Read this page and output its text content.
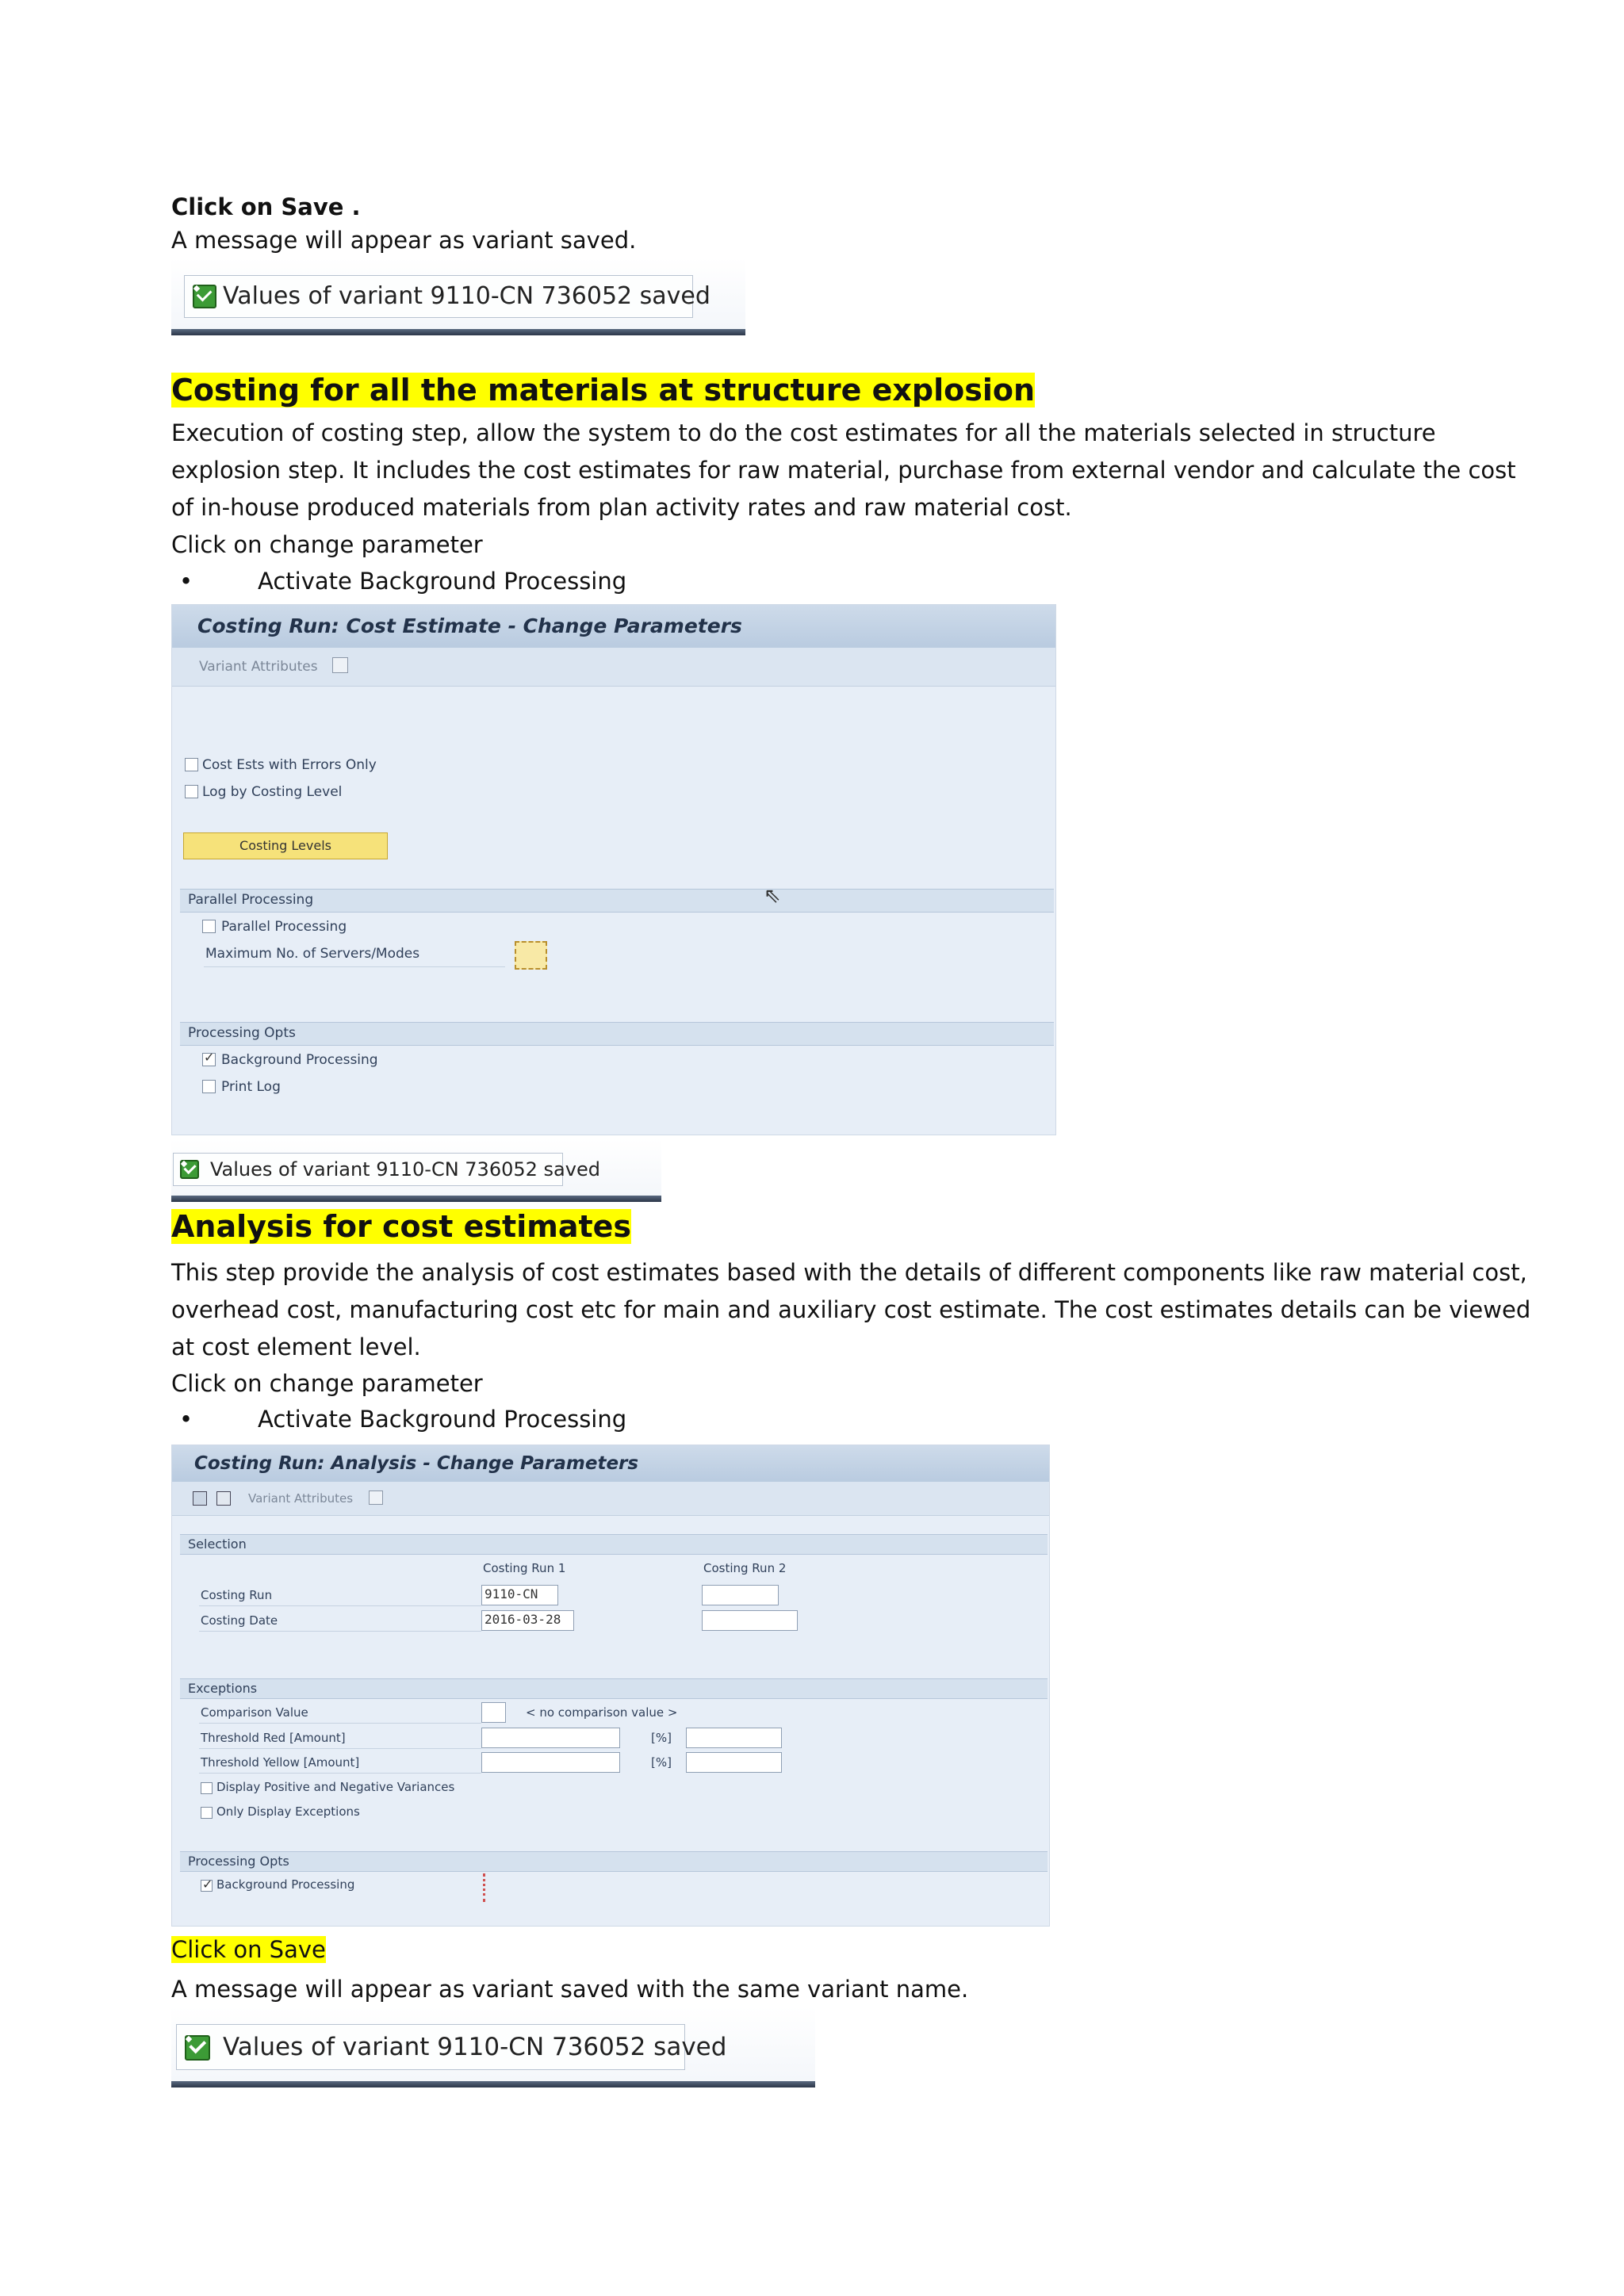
Click on Save .
A message will appear as variant saved.
Values of variant 9110-CN 736052 saved
Costing for all the materials at structure explosion
Execution of costing step, allow the system to do the cost estimates for all the materials selected in structure
explosion step. It includes the cost estimates for raw material, purchase from external vendor and calculate the cost
of in-house produced materials from plan activity rates and raw material cost.
Click on change parameter
•	Activate Background Processing
Costing Run: Cost Estimate - Change Parameters
Variant Attributes
Cost Ests with Errors Only
Log by Costing Level
Costing Levels
Parallel Processing	⇖
Parallel Processing
Maximum No. of Servers/Modes
Processing Opts
✓
Background Processing
Print Log
Values of variant 9110-CN 736052 saved
Analysis for cost estimates
This step provide the analysis of cost estimates based with the details of different components like raw material cost,
overhead cost, manufacturing cost etc for main and auxiliary cost estimate. The cost estimates details can be viewed
at cost element level.
Click on change parameter
•	Activate Background Processing
Costing Run: Analysis - Change Parameters
Variant Attributes
Selection
Costing Run 1	Costing Run 2
Costing Run	9110-CN
Costing Date	2016-03-28
Exceptions
Comparison Value	< no comparison value >
Threshold Red [Amount]	[%]
Threshold Yellow [Amount]	[%]
Display Positive and Negative Variances
Only Display Exceptions
Processing Opts
✓
Background Processing
Click on Save
A message will appear as variant saved with the same variant name.
Values of variant 9110-CN 736052 saved
